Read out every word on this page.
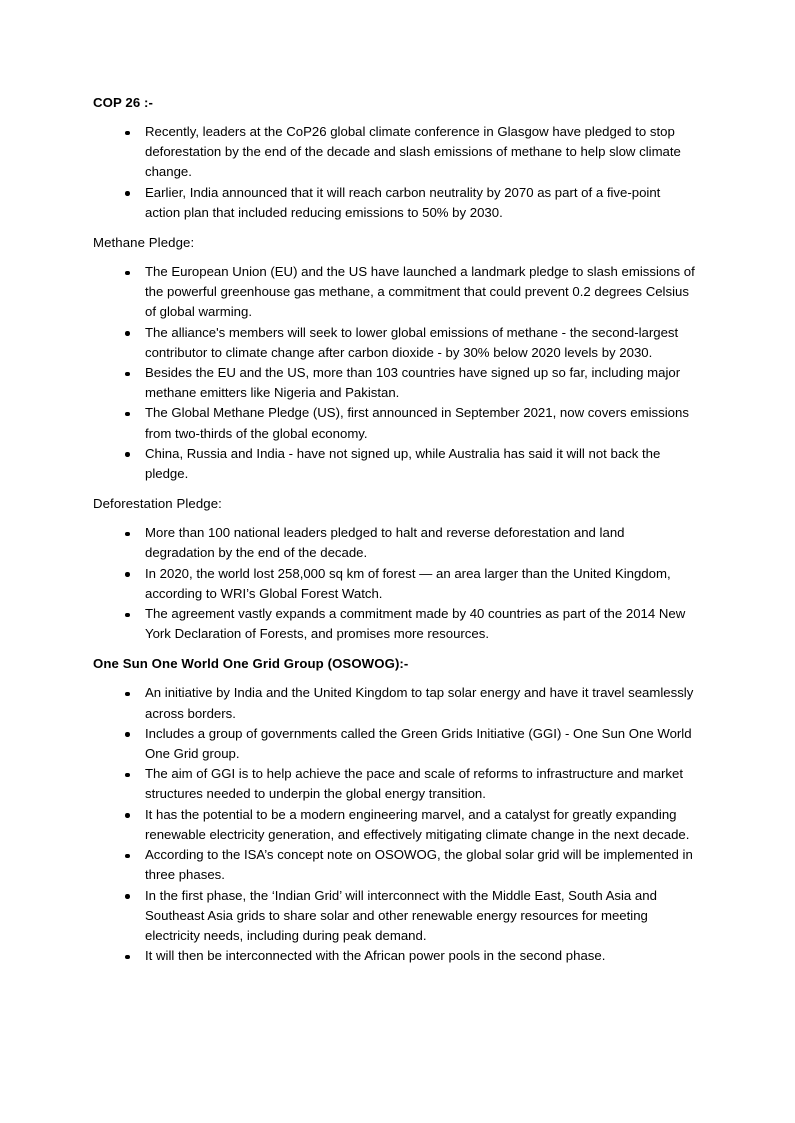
COP 26 :-
Recently, leaders at the CoP26 global climate conference in Glasgow have pledged to stop deforestation by the end of the decade and slash emissions of methane to help slow climate change.
Earlier, India announced that it will reach carbon neutrality by 2070 as part of a five-point action plan that included reducing emissions to 50% by 2030.
Methane Pledge:
The European Union (EU) and the US have launched a landmark pledge to slash emissions of the powerful greenhouse gas methane, a commitment that could prevent 0.2 degrees Celsius of global warming.
The alliance's members will seek to lower global emissions of methane - the second-largest contributor to climate change after carbon dioxide - by 30% below 2020 levels by 2030.
Besides the EU and the US, more than 103 countries have signed up so far, including major methane emitters like Nigeria and Pakistan.
The Global Methane Pledge (US), first announced in September 2021, now covers emissions from two-thirds of the global economy.
China, Russia and India - have not signed up, while Australia has said it will not back the pledge.
Deforestation Pledge:
More than 100 national leaders pledged to halt and reverse deforestation and land degradation by the end of the decade.
In 2020, the world lost 258,000 sq km of forest — an area larger than the United Kingdom, according to WRI’s Global Forest Watch.
The agreement vastly expands a commitment made by 40 countries as part of the 2014 New York Declaration of Forests, and promises more resources.
One Sun One World One Grid Group (OSOWOG):-
An initiative by India and the United Kingdom to tap solar energy and have it travel seamlessly across borders.
Includes a group of governments called the Green Grids Initiative (GGI) - One Sun One World One Grid group.
The aim of GGI is to help achieve the pace and scale of reforms to infrastructure and market structures needed to underpin the global energy transition.
It has the potential to be a modern engineering marvel, and a catalyst for greatly expanding renewable electricity generation, and effectively mitigating climate change in the next decade.
According to the ISA’s concept note on OSOWOG, the global solar grid will be implemented in three phases.
In the first phase, the ‘Indian Grid’ will interconnect with the Middle East, South Asia and Southeast Asia grids to share solar and other renewable energy resources for meeting electricity needs, including during peak demand.
It will then be interconnected with the African power pools in the second phase.
